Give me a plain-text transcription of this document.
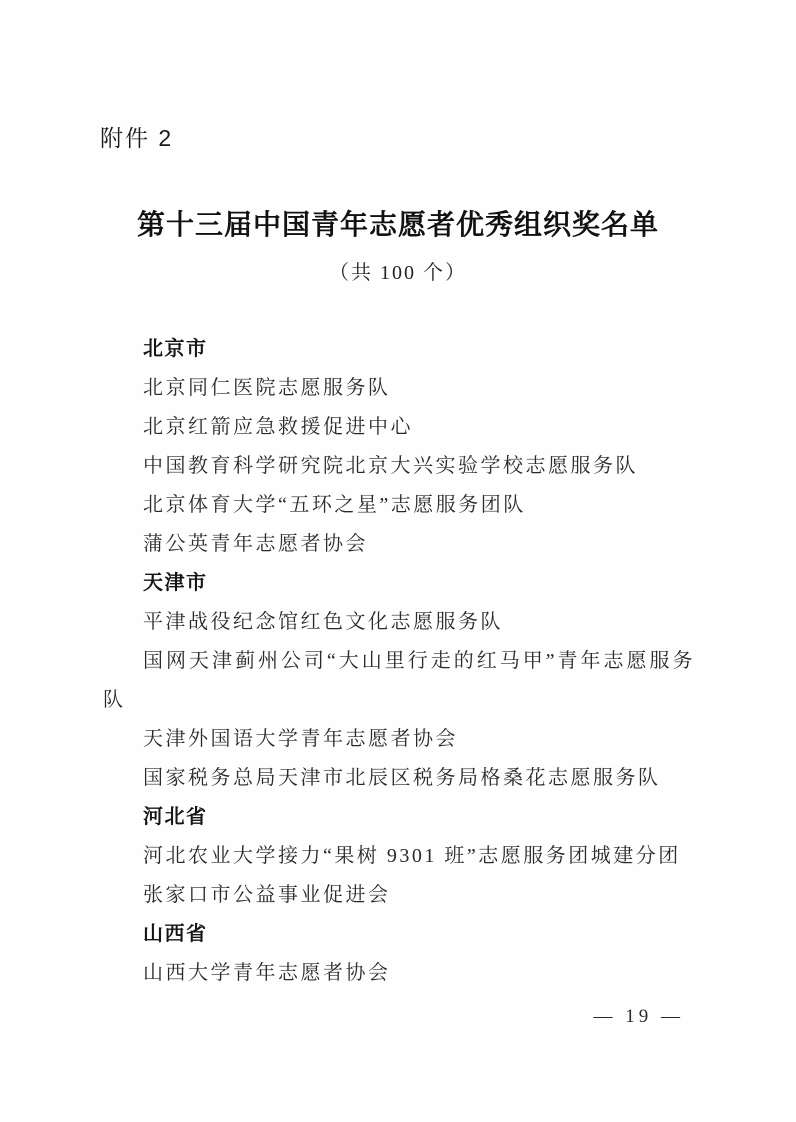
附件 2
第十三届中国青年志愿者优秀组织奖名单
（共 100 个）
北京市

北京同仁医院志愿服务队

北京红箭应急救援促进中心

中国教育科学研究院北京大兴实验学校志愿服务队

北京体育大学“五环之星”志愿服务团队

蒲公英青年志愿者协会

天津市

平津战役纪念馆红色文化志愿服务队

国网天津蓟州公司“大山里行走的红马甲”青年志愿服务队

天津外国语大学青年志愿者协会

国家税务总局天津市北辰区税务局格桑花志愿服务队

河北省

河北农业大学接力“果树 9301 班”志愿服务团城建分团

张家口市公益事业促进会

山西省

山西大学青年志愿者协会

— 19 —
